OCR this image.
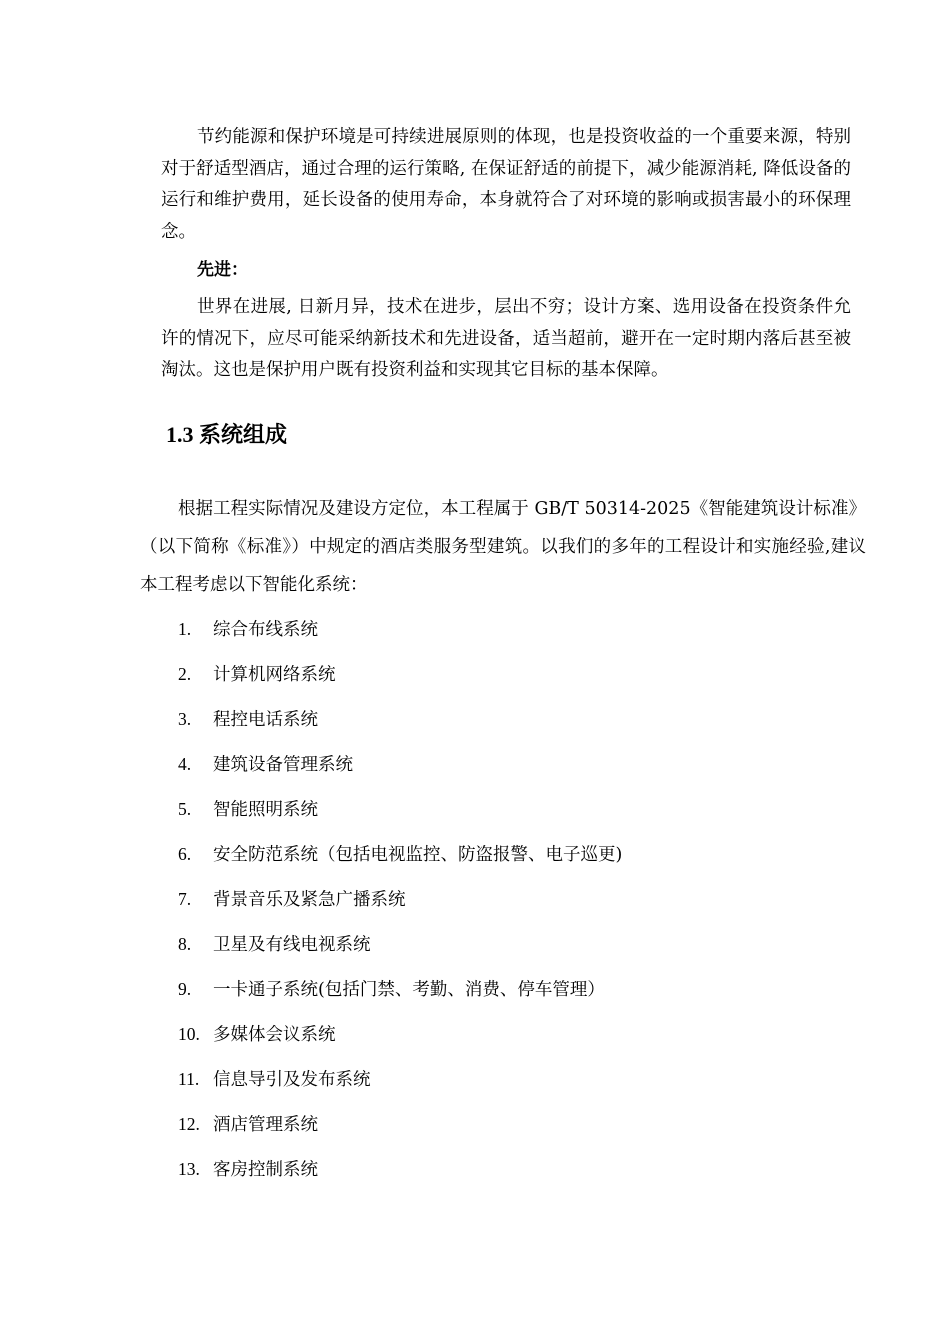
节约能源和保护环境是可持续进展原则的体现，也是投资收益的一个重要来源，特别对于舒适型酒店，通过合理的运行策略, 在保证舒适的前提下，减少能源消耗, 降低设备的运行和维护费用，延长设备的使用寿命，本身就符合了对环境的影响或损害最小的环保理念。

先进：

世界在进展, 日新月异，技术在进步，层出不穷；设计方案、选用设备在投资条件允许的情况下，应尽可能采纳新技术和先进设备，适当超前，避开在一定时期内落后甚至被淘汰。这也是保护用户既有投资利益和实现其它目标的基本保障。

1.3 系统组成

根据工程实际情况及建设方定位，本工程属于 GB/T 50314-2025《智能建筑设计标准》（以下简称《标准》）中规定的酒店类服务型建筑。以我们的多年的工程设计和实施经验,建议本工程考虑以下智能化系统：

1. 综合布线系统
2. 计算机网络系统
3. 程控电话系统
4. 建筑设备管理系统
5. 智能照明系统
6. 安全防范系统（包括电视监控、防盗报警、电子巡更)
7. 背景音乐及紧急广播系统
8. 卫星及有线电视系统
9. 一卡通子系统(包括门禁、考勤、消费、停车管理）
10. 多媒体会议系统
11. 信息导引及发布系统
12. 酒店管理系统
13. 客房控制系统
